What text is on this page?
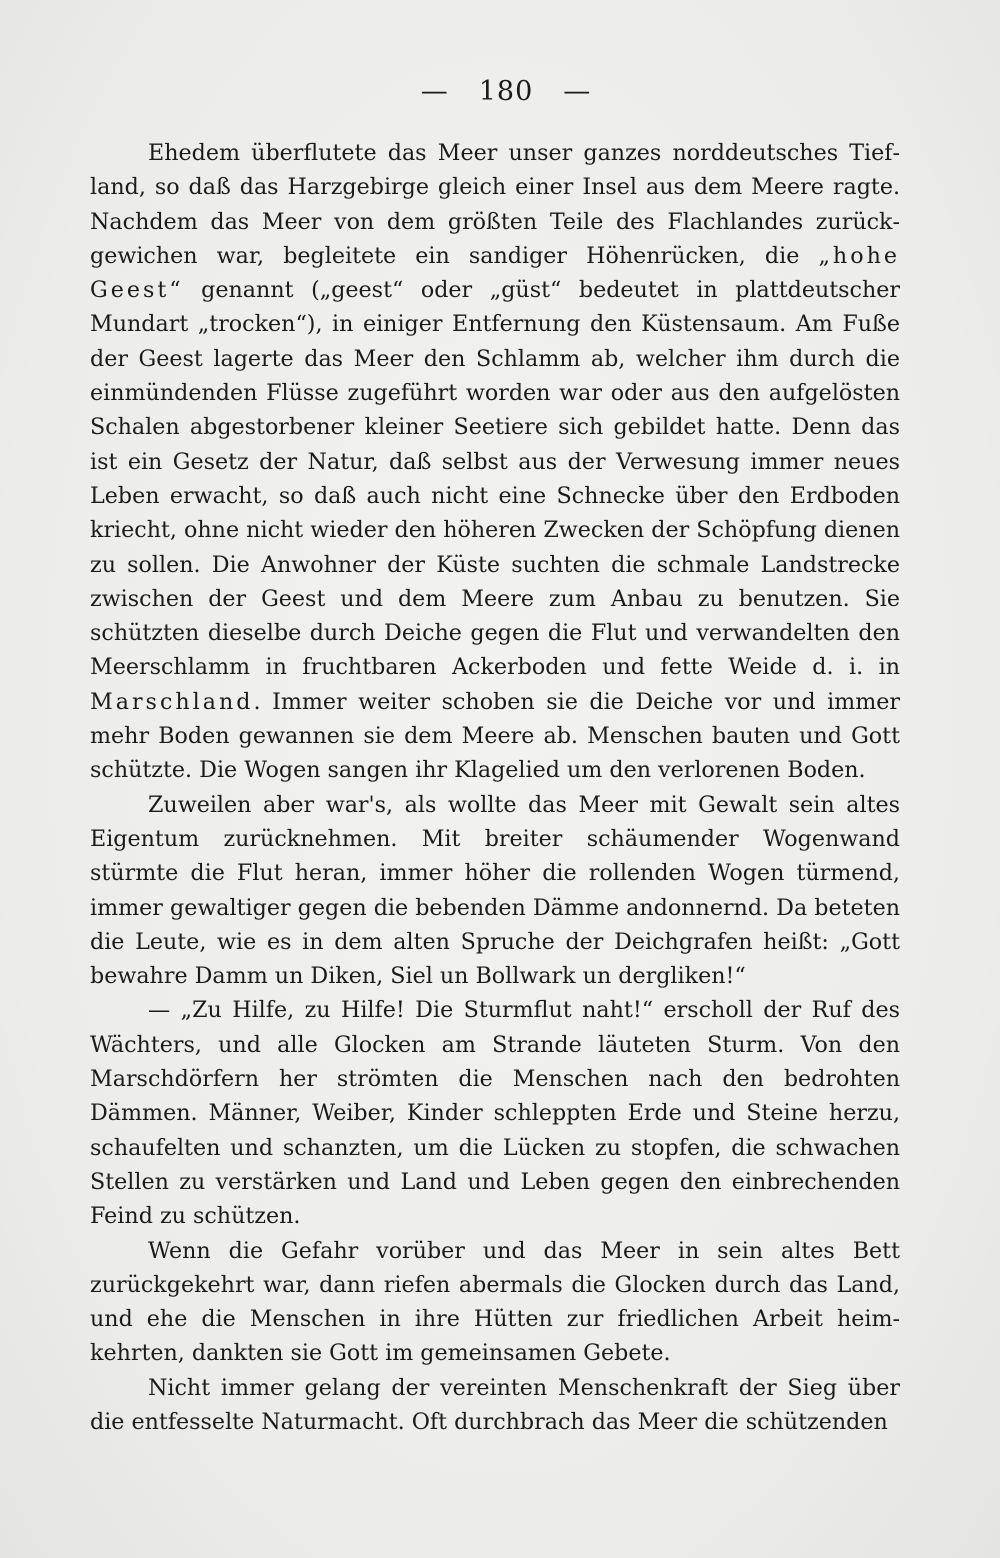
— 180 —

Ehedem überflutete das Meer unser ganzes norddeutsches Tiefland, so daß das Harzgebirge gleich einer Insel aus dem Meere ragte. Nachdem das Meer von dem größten Teile des Flachlandes zurückgewichen war, begleitete ein sandiger Höhenrücken, die „hohe Geest“ genannt („geest“ oder „güst“ bedeutet in plattdeutscher Mundart „trocken“), in einiger Entfernung den Küstensaum. Am Fuße der Geest lagerte das Meer den Schlamm ab, welcher ihm durch die einmündenden Flüsse zugeführt worden war oder aus den aufgelösten Schalen abgestorbener kleiner Seetiere sich gebildet hatte. Denn das ist ein Gesetz der Natur, daß selbst aus der Verwesung immer neues Leben erwacht, so daß auch nicht eine Schnecke über den Erdboden kriecht, ohne nicht wieder den höheren Zwecken der Schöpfung dienen zu sollen. Die Anwohner der Küste suchten die schmale Landstrecke zwischen der Geest und dem Meere zum Anbau zu benutzen. Sie schützten dieselbe durch Deiche gegen die Flut und verwandelten den Meerschlamm in fruchtbaren Ackerboden und fette Weide d. i. in Marschland. Immer weiter schoben sie die Deiche vor und immer mehr Boden gewannen sie dem Meere ab. Menschen bauten und Gott schützte. Die Wogen sangen ihr Klagelied um den verlorenen Boden.

Zuweilen aber war's, als wollte das Meer mit Gewalt sein altes Eigentum zurücknehmen. Mit breiter schäumender Wogenwand stürmte die Flut heran, immer höher die rollenden Wogen türmend, immer gewaltiger gegen die bebenden Dämme andonnernd. Da beteten die Leute, wie es in dem alten Spruche der Deichgrafen heißt: „Gott bewahre Damm un Diken, Siel un Bollwark un dergliken!“

— „Zu Hilfe, zu Hilfe! Die Sturmflut naht!“ erscholl der Ruf des Wächters, und alle Glocken am Strande läuteten Sturm. Von den Marschdörfern her strömten die Menschen nach den bedrohten Dämmen. Männer, Weiber, Kinder schleppten Erde und Steine herzu, schaufelten und schanzten, um die Lücken zu stopfen, die schwachen Stellen zu verstärken und Land und Leben gegen den einbrechenden Feind zu schützen.

Wenn die Gefahr vorüber und das Meer in sein altes Bett zurückgekehrt war, dann riefen abermals die Glocken durch das Land, und ehe die Menschen in ihre Hütten zur friedlichen Arbeit heimkehrten, dankten sie Gott im gemeinsamen Gebete.

Nicht immer gelang der vereinten Menschenkraft der Sieg über die entfesselte Naturmacht. Oft durchbrach das Meer die schützenden
